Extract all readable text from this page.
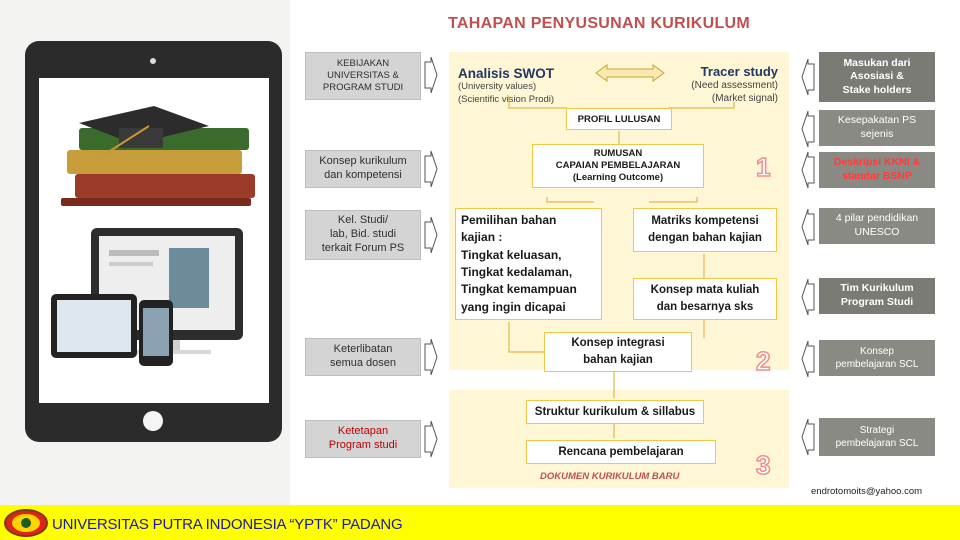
TAHAPAN PENYUSUNAN KURIKULUM
KEBIJAKAN
UNIVERSITAS &
PROGRAM STUDI
Konsep kurikulum
dan kompetensi
Kel. Studi/
lab, Bid. studi
terkait Forum PS
Keterlibatan
semua dosen
Ketetapan
Program studi
Analisis SWOT
(University values)
(Scientific vision Prodi)
Tracer study
(Need assessment)
(Market signal)
PROFIL LULUSAN
RUMUSAN
CAPAIAN PEMBELAJARAN
(Learning Outcome)
Pemilihan bahan
kajian :
Tingkat keluasan,
Tingkat kedalaman,
Tingkat kemampuan
yang ingin dicapai
Matriks kompetensi
dengan bahan kajian
Konsep mata kuliah
dan besarnya sks
Konsep integrasi
bahan kajian
Struktur kurikulum & sillabus
Rencana pembelajaran
DOKUMEN KURIKULUM BARU
1
2
3
Masukan dari
Asosiasi &
Stake holders
Kesepakatan PS
sejenis
Deskripsi KKNI &
standar BSNP
4 pilar pendidikan
UNESCO
Tim Kurikulum
Program Studi
Konsep
pembelajaran SCL
Strategi
pembelajaran SCL
endrotomoits@yahoo.com
UNIVERSITAS PUTRA INDONESIA “YPTK” PADANG
